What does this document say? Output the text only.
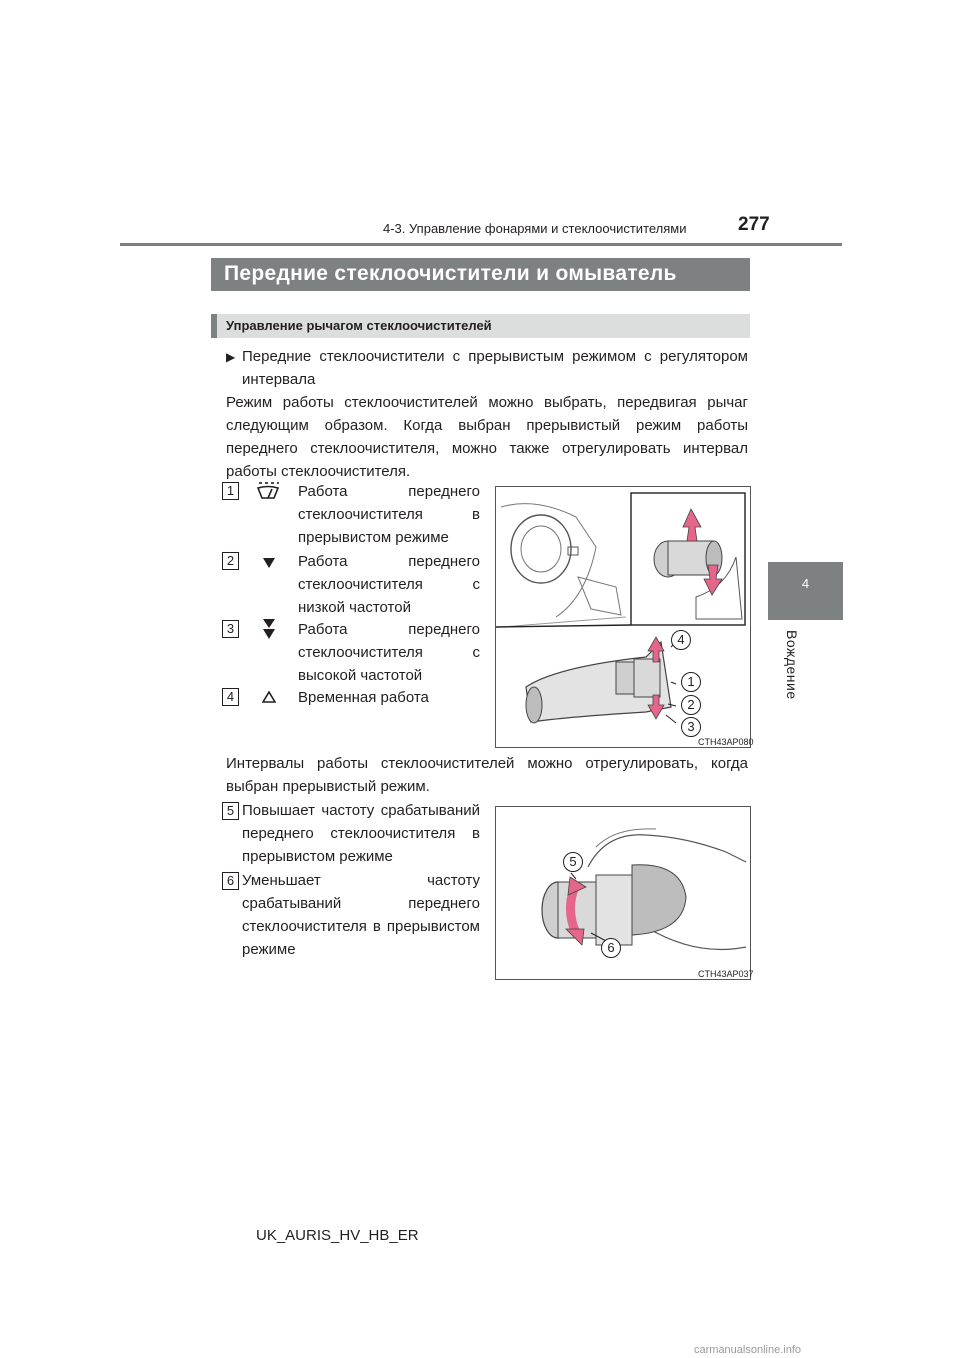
4-3. Управление фонарями и стеклоочистителями	277
4
Вождение
Передние стеклоочистители и омыватель
Управление рычагом стеклоочистителей
▶ Передние стеклоочистители с прерывистым режимом с регулятором интервала
Режим работы стеклоочистителей можно выбрать, передвигая рычаг следующим образом. Когда выбран прерывистый режим работы переднего стеклоочистителя, можно также отрегулировать интервал работы стеклоочистителя.
1	Работа переднего стеклоочистителя в прерывистом режиме
2	Работа переднего стеклоочистителя с низкой частотой
3	Работа переднего стеклоочистителя с высокой частотой
4	Временная работа
4
1
2
3
CTH43AP080
Интервалы работы стеклоочистителей можно отрегулировать, когда выбран прерывистый режим.
5 Повышает частоту срабатываний переднего стеклоочистителя в прерывистом режиме
6 Уменьшает частоту срабатываний переднего стеклоочистителя в прерывистом режиме
5
6
CTH43AP037
UK_AURIS_HV_HB_ER
carmanualsonline.info
